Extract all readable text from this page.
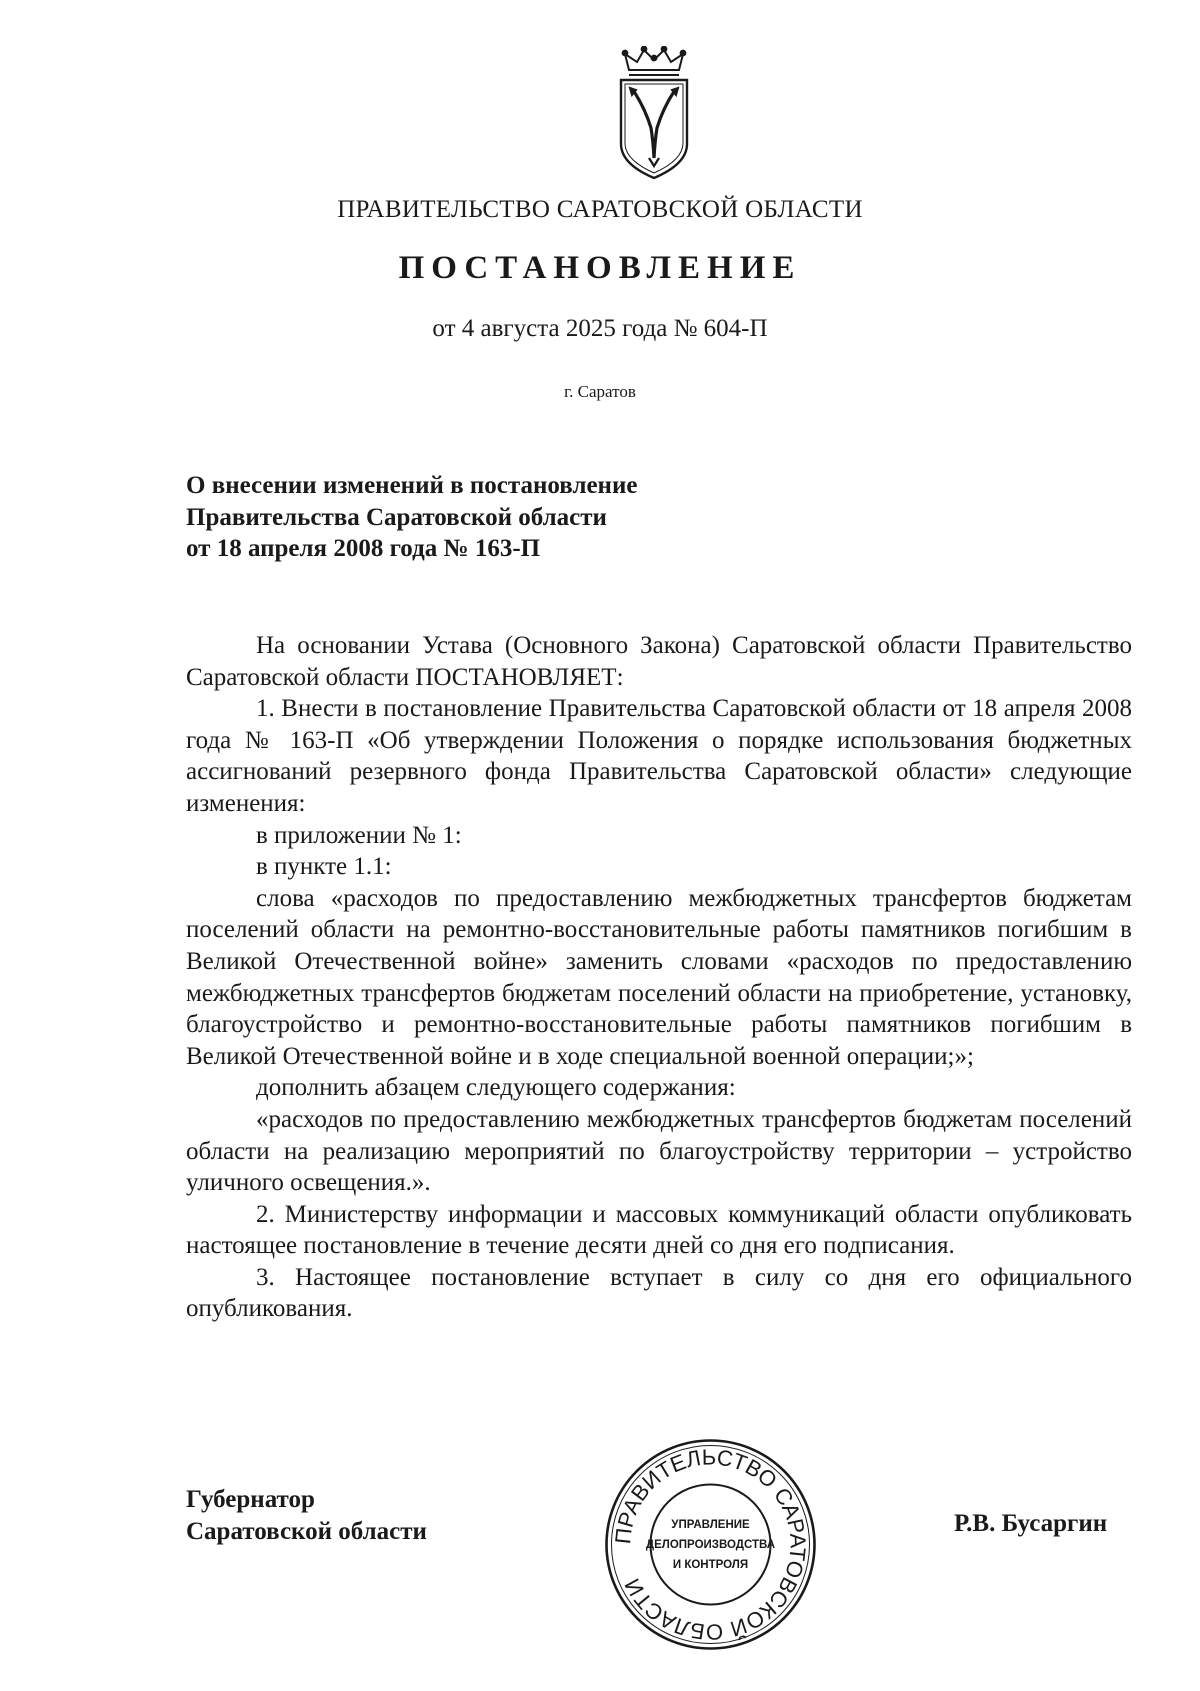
ПРАВИТЕЛЬСТВО САРАТОВСКОЙ ОБЛАСТИ
ПОСТАНОВЛЕНИЕ
от 4 августа 2025 года № 604-П
г. Саратов
О внесении изменений в постановление
Правительства Саратовской области
от 18 апреля 2008 года № 163-П

На основании Устава (Основного Закона) Саратовской области Правительство Саратовской области ПОСТАНОВЛЯЕТ:

1. Внести в постановление Правительства Саратовской области от 18 апреля 2008 года № 163-П «Об утверждении Положения о порядке использования бюджетных ассигнований резервного фонда Правительства Саратовской области» следующие изменения:

в приложении № 1:

в пункте 1.1:

слова «расходов по предоставлению межбюджетных трансфертов бюджетам поселений области на ремонтно-восстановительные работы памятников погибшим в Великой Отечественной войне» заменить словами «расходов по предоставлению межбюджетных трансфертов бюджетам поселений области на приобретение, установку, благоустройство и ремонтно-восстановительные работы памятников погибшим в Великой Отечественной войне и в ходе специальной военной операции;»;

дополнить абзацем следующего содержания:

«расходов по предоставлению межбюджетных трансфертов бюджетам поселений области на реализацию мероприятий по благоустройству территории – устройство уличного освещения.».

2. Министерству информации и массовых коммуникаций области опубликовать настоящее постановление в течение десяти дней со дня его подписания.

3. Настоящее постановление вступает в силу со дня его официального опубликования.

Губернатор
Саратовской области	Р.В. Бусаргин
ПРАВИТЕЛЬСТВО САРАТОВСКОЙ ОБЛАСТИ
УПРАВЛЕНИЕ
ДЕЛОПРОИЗВОДСТВА
И КОНТРОЛЯ
